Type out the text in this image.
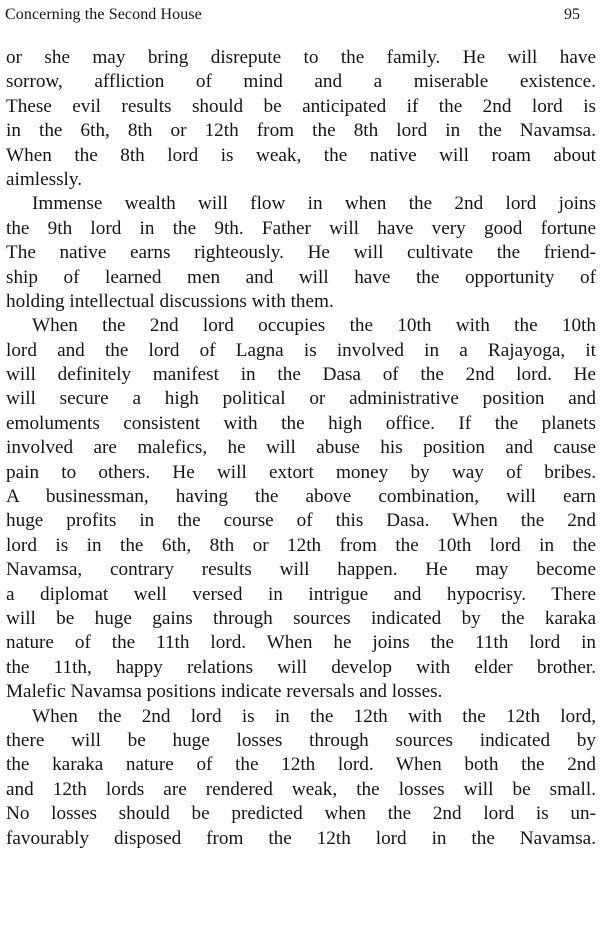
Concerning the Second House	95
or she may bring disrepute to the family. He will have
sorrow, affliction of mind and a miserable existence.
These evil results should be anticipated if the 2nd lord is
in the 6th, 8th or 12th from the 8th lord in the Navamsa.
When the 8th lord is weak, the native will roam about
aimlessly.
Immense wealth will flow in when the 2nd lord joins
the 9th lord in the 9th. Father will have very good fortune
The native earns righteously. He will cultivate the friend-
ship of learned men and will have the opportunity of
holding intellectual discussions with them.
When the 2nd lord occupies the 10th with the 10th
lord and the lord of Lagna is involved in a Rajayoga, it
will definitely manifest in the Dasa of the 2nd lord. He
will secure a high political or administrative position and
emoluments consistent with the high office. If the planets
involved are malefics, he will abuse his position and cause
pain to others. He will extort money by way of bribes.
A businessman, having the above combination, will earn
huge profits in the course of this Dasa. When the 2nd
lord is in the 6th, 8th or 12th from the 10th lord in the
Navamsa, contrary results will happen. He may become
a diplomat well versed in intrigue and hypocrisy. There
will be huge gains through sources indicated by the karaka
nature of the 11th lord. When he joins the 11th lord in
the 11th, happy relations will develop with elder brother.
Malefic Navamsa positions indicate reversals and losses.
When the 2nd lord is in the 12th with the 12th lord,
there will be huge losses through sources indicated by
the karaka nature of the 12th lord. When both the 2nd
and 12th lords are rendered weak, the losses will be small.
No losses should be predicted when the 2nd lord is un-
favourably disposed from the 12th lord in the Navamsa.
